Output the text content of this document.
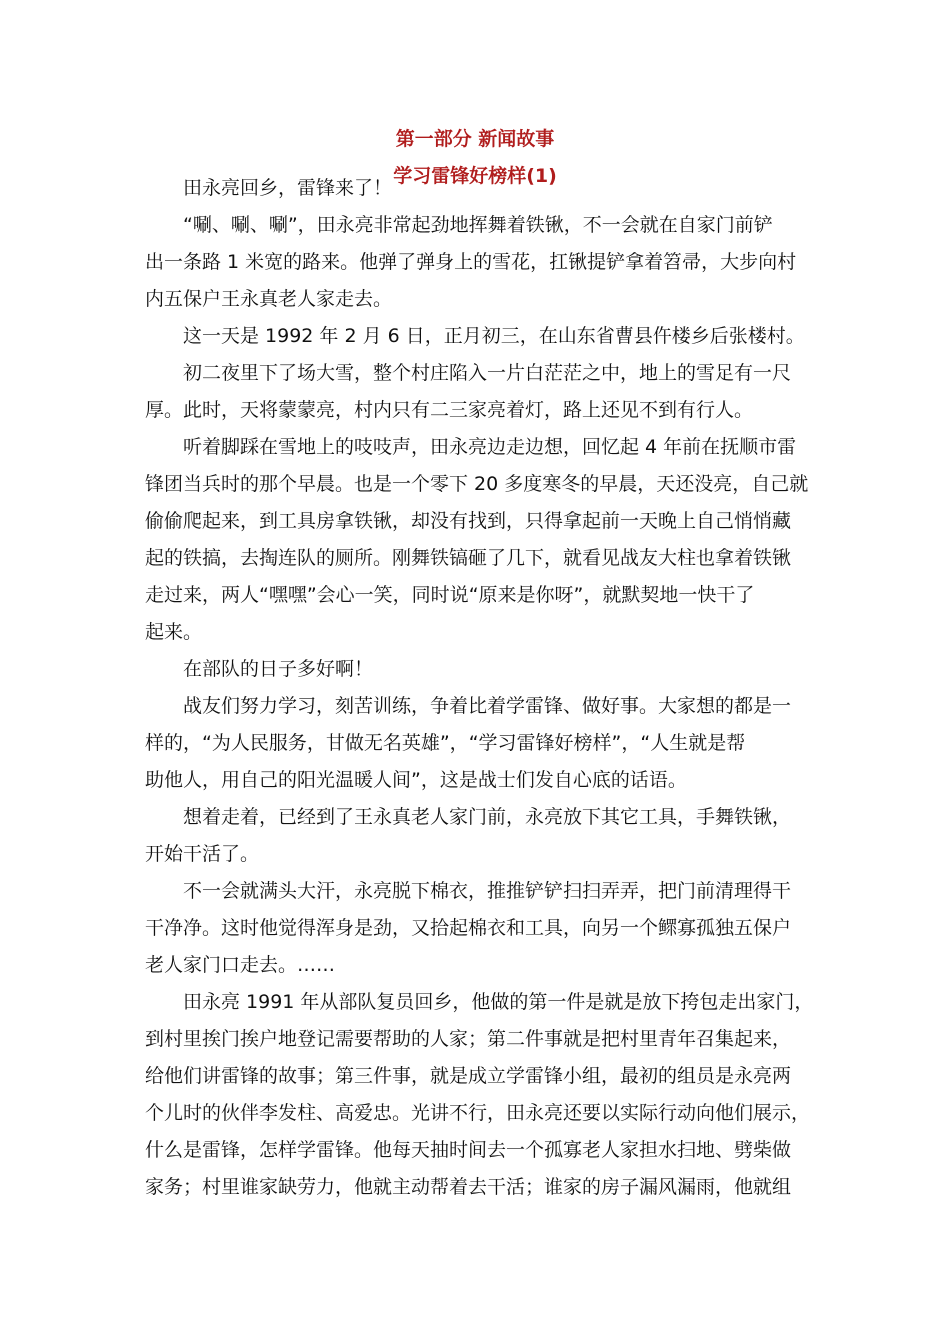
第一部分 新闻故事
学习雷锋好榜样(1)

田永亮回乡，雷锋来了！

“唰、唰、唰”，田永亮非常起劲地挥舞着铁锹，不一会就在自家门前铲
出一条路 1 米宽的路来。他弹了弹身上的雪花，扛锹提铲拿着笤帚，大步向村
内五保户王永真老人家走去。

这一天是 1992 年 2 月 6 日，正月初三，在山东省曹县仵楼乡后张楼村。

初二夜里下了场大雪，整个村庄陷入一片白茫茫之中，地上的雪足有一尺
厚。此时，天将蒙蒙亮，村内只有二三家亮着灯，路上还见不到有行人。

听着脚踩在雪地上的吱吱声，田永亮边走边想，回忆起 4 年前在抚顺市雷
锋团当兵时的那个早晨。也是一个零下 20 多度寒冬的早晨，天还没亮，自己就
偷偷爬起来，到工具房拿铁锹，却没有找到，只得拿起前一天晚上自己悄悄藏
起的铁搞，去掏连队的厕所。刚舞铁镐砸了几下，就看见战友大柱也拿着铁锹
走过来，两人“嘿嘿”会心一笑，同时说“原来是你呀”，就默契地一快干了
起来。

在部队的日子多好啊！

战友们努力学习，刻苦训练，争着比着学雷锋、做好事。大家想的都是一
样的，“为人民服务，甘做无名英雄”，“学习雷锋好榜样”，“人生就是帮
助他人，用自己的阳光温暖人间”，这是战士们发自心底的话语。

想着走着，已经到了王永真老人家门前，永亮放下其它工具，手舞铁锹，
开始干活了。

不一会就满头大汗，永亮脱下棉衣，推推铲铲扫扫弄弄，把门前清理得干
干净净。这时他觉得浑身是劲，又拾起棉衣和工具，向另一个鳏寡孤独五保户
老人家门口走去。……

田永亮 1991 年从部队复员回乡，他做的第一件是就是放下挎包走出家门，
到村里挨门挨户地登记需要帮助的人家；第二件事就是把村里青年召集起来，
给他们讲雷锋的故事；第三件事，就是成立学雷锋小组，最初的组员是永亮两
个儿时的伙伴李发柱、高爱忠。光讲不行，田永亮还要以实际行动向他们展示，
什么是雷锋，怎样学雷锋。他每天抽时间去一个孤寡老人家担水扫地、劈柴做
家务；村里谁家缺劳力，他就主动帮着去干活；谁家的房子漏风漏雨，他就组
